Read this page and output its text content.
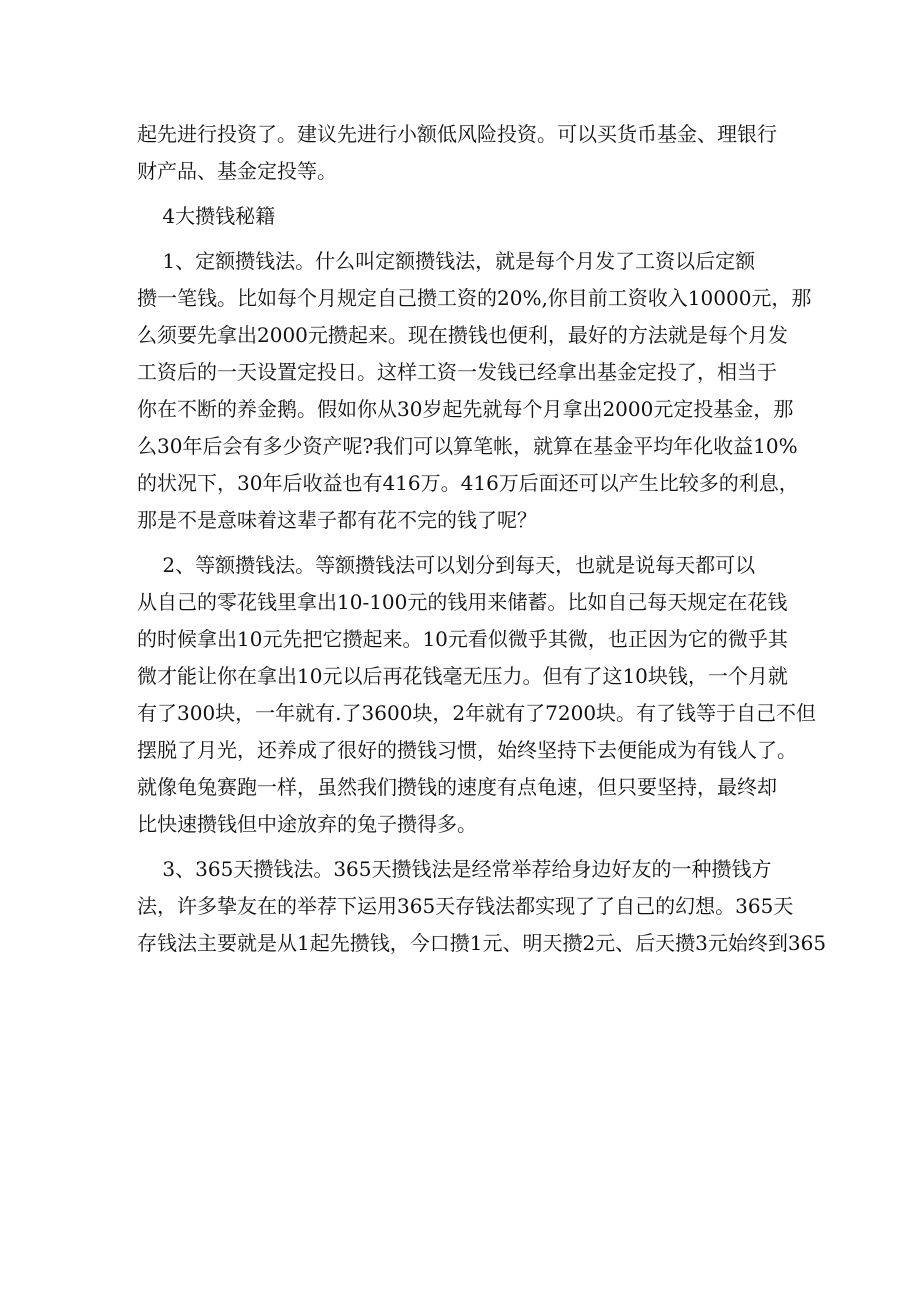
起先进行投资了。建议先进行小额低风险投资。可以买货币基金、理银行
财产品、基金定投等。
4大攒钱秘籍
1、定额攒钱法。什么叫定额攒钱法，就是每个月发了工资以后定额
攒一笔钱。比如每个月规定自己攒工资的20%,你目前工资收入10000元，那
么须要先拿出2000元攒起来。现在攒钱也便利，最好的方法就是每个月发
工资后的一天设置定投日。这样工资一发钱已经拿出基金定投了，相当于
你在不断的养金鹅。假如你从30岁起先就每个月拿出2000元定投基金，那
么30年后会有多少资产呢?我们可以算笔帐，就算在基金平均年化收益10%
的状况下，30年后收益也有416万。416万后面还可以产生比较多的利息，
那是不是意味着这辈子都有花不完的钱了呢？
2、等额攒钱法。等额攒钱法可以划分到每天，也就是说每天都可以
从自己的零花钱里拿出10-100元的钱用来储蓄。比如自己每天规定在花钱
的时候拿出10元先把它攒起来。10元看似微乎其微，也正因为它的微乎其
微才能让你在拿出10元以后再花钱毫无压力。但有了这10块钱，一个月就
有了300块，一年就有.了3600块，2年就有了7200块。有了钱等于自己不但
摆脱了月光，还养成了很好的攒钱习惯，始终坚持下去便能成为有钱人了。
就像龟兔赛跑一样，虽然我们攒钱的速度有点龟速，但只要坚持，最终却
比快速攒钱但中途放弃的兔子攒得多。
3、365天攒钱法。365天攒钱法是经常举荐给身边好友的一种攒钱方
法，许多挚友在的举荐下运用365天存钱法都实现了了自己的幻想。365天
存钱法主要就是从1起先攒钱，今口攒1元、明天攒2元、后天攒3元始终到365
